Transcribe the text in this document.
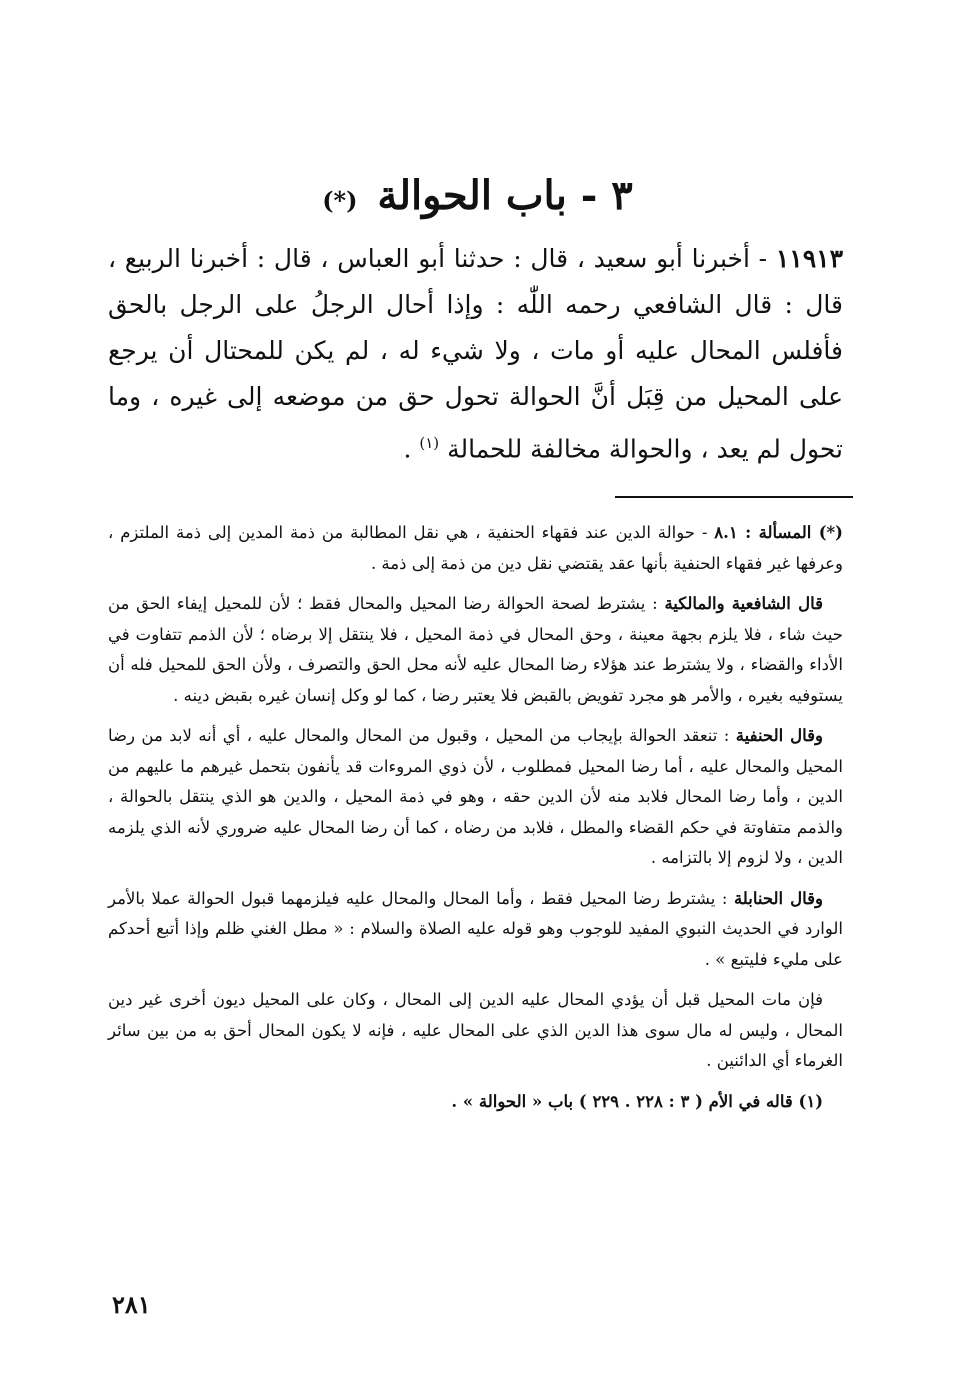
٣ - باب الحوالة (*)

١١٩١٣ - أخبرنا أبو سعيد ، قال : حدثنا أبو العباس ، قال : أخبرنا الربيع ، قال : قال الشافعي رحمه اللّٰه : وإذا أحال الرجلُ على الرجل بالحق فأفلس المحال عليه أو مات ، ولا شيء له ، لم يكن للمحتال أن يرجع على المحيل من قِبَل أنَّ الحوالة تحول حق من موضعه إلى غيره ، وما تحول لم يعد ، والحوالة مخالفة للحمالة $^{(١)}$ .

(*) المسألة : ٨.١ - حوالة الدين عند فقهاء الحنفية ، هي نقل المطالبة من ذمة المدين إلى ذمة الملتزم ، وعرفها غير فقهاء الحنفية بأنها عقد يقتضي نقل دين من ذمة إلى ذمة .

قال الشافعية والمالكية : يشترط لصحة الحوالة رضا المحيل والمحال فقط ؛ لأن للمحيل إيفاء الحق من حيث شاء ، فلا يلزم بجهة معينة ، وحق المحال في ذمة المحيل ، فلا ينتقل إلا برضاه ؛ لأن الذمم تتفاوت في الأداء والقضاء ، ولا يشترط عند هؤلاء رضا المحال عليه لأنه محل الحق والتصرف ، ولأن الحق للمحيل فله أن يستوفيه بغيره ، والأمر هو مجرد تفويض بالقبض فلا يعتبر رضا ، كما لو وكل إنسان غيره بقبض دينه .

وقال الحنفية : تنعقد الحوالة بإيجاب من المحيل ، وقبول من المحال والمحال عليه ، أي أنه لابد من رضا المحيل والمحال عليه ، أما رضا المحيل فمطلوب ، لأن ذوي المروءات قد يأنفون بتحمل غيرهم ما عليهم من الدين ، وأما رضا المحال فلابد منه لأن الدين حقه ، وهو في ذمة المحيل ، والدين هو الذي ينتقل بالحوالة ، والذمم متفاوتة في حكم القضاء والمطل ، فلابد من رضاه ، كما أن رضا المحال عليه ضروري لأنه الذي يلزمه الدين ، ولا لزوم إلا بالتزامه .

وقال الحنابلة : يشترط رضا المحيل فقط ، وأما المحال والمحال عليه فيلزمهما قبول الحوالة عملا بالأمر الوارد في الحديث النبوي المفيد للوجوب وهو قوله عليه الصلاة والسلام : « مطل الغني ظلم وإذا أتبع أحدكم على مليء فليتبع » .

فإن مات المحيل قبل أن يؤدي المحال عليه الدين إلى المحال ، وكان على المحيل ديون أخرى غير دين المحال ، وليس له مال سوى هذا الدين الذي على المحال عليه ، فإنه لا يكون المحال أحق به من بين سائر الغرماء أي الدائنين .

(١) قاله في الأم ( ٣ : ٢٢٨ . ٢٢٩ ) باب « الحوالة » .

٢٨١
